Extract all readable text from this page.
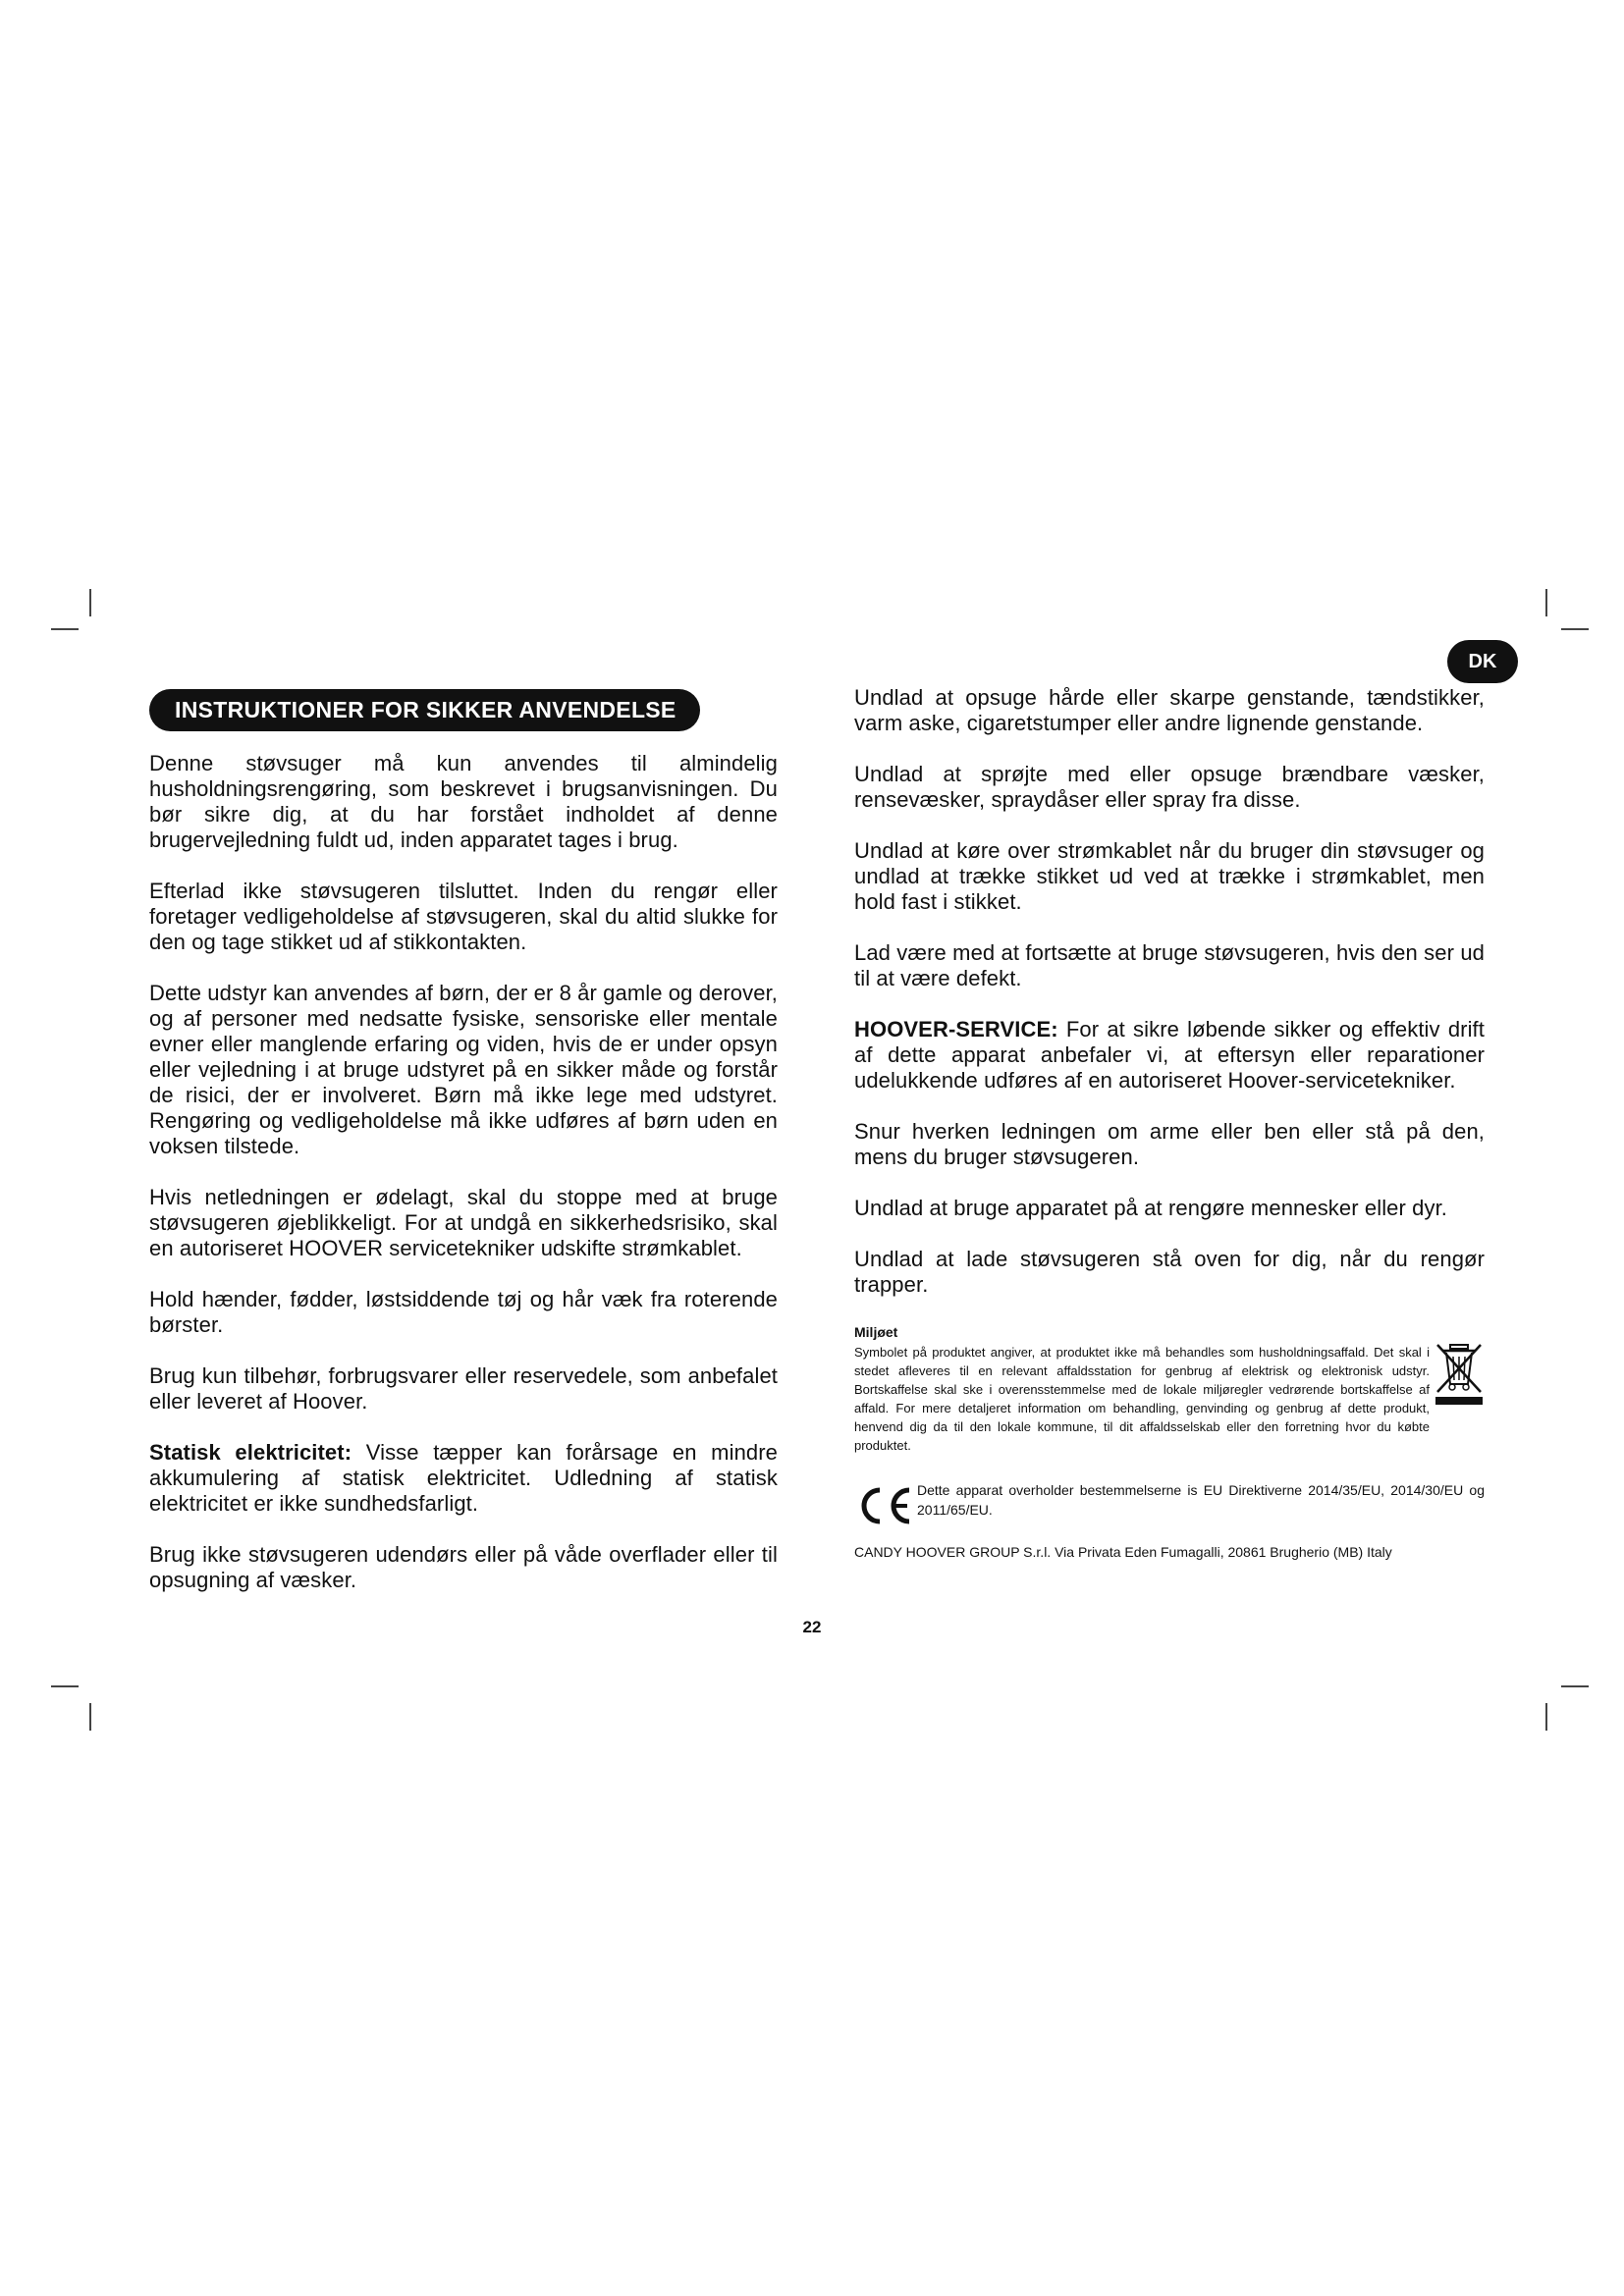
DK
INSTRUKTIONER FOR SIKKER ANVENDELSE

Denne støvsuger må kun anvendes til almindelig husholdningsrengøring, som beskrevet i brugsanvisningen. Du bør sikre dig, at du har forstået indholdet af denne brugervejledning fuldt ud, inden apparatet tages i brug.

Efterlad ikke støvsugeren tilsluttet. Inden du rengør eller foretager vedligeholdelse af støvsugeren, skal du altid slukke for den og tage stikket ud af stikkontakten.

Dette udstyr kan anvendes af børn, der er 8 år gamle og derover, og af personer med nedsatte fysiske, sensoriske eller mentale evner eller manglende erfaring og viden, hvis de er under opsyn eller vejledning i at bruge udstyret på en sikker måde og forstår de risici, der er involveret. Børn må ikke lege med udstyret. Rengøring og vedligeholdelse må ikke udføres af børn uden en voksen tilstede.

Hvis netledningen er ødelagt, skal du stoppe med at bruge støvsugeren øjeblikkeligt. For at undgå en sikkerhedsrisiko, skal en autoriseret HOOVER servicetekniker udskifte strømkablet.

Hold hænder, fødder, løstsiddende tøj og hår væk fra roterende børster.

Brug kun tilbehør, forbrugsvarer eller reservedele, som anbefalet eller leveret af Hoover.

Statisk elektricitet: Visse tæpper kan forårsage en mindre akkumulering af statisk elektricitet. Udledning af statisk elektricitet er ikke sundhedsfarligt.

Brug ikke støvsugeren udendørs eller på våde overflader eller til opsugning af væsker.

Undlad at opsuge hårde eller skarpe genstande, tændstikker, varm aske, cigaretstumper eller andre lignende genstande.

Undlad at sprøjte med eller opsuge brændbare væsker, rensevæsker, spraydåser eller spray fra disse.

Undlad at køre over strømkablet når du bruger din støvsuger og undlad at trække stikket ud ved at trække i strømkablet, men hold fast i stikket.

Lad være med at fortsætte at bruge støvsugeren, hvis den ser ud til at være defekt.

HOOVER-SERVICE: For at sikre løbende sikker og effektiv drift af dette apparat anbefaler vi, at eftersyn eller reparationer udelukkende udføres af en autoriseret Hoover-servicetekniker.

Snur hverken ledningen om arme eller ben eller stå på den, mens du bruger støvsugeren.

Undlad at bruge apparatet på at rengøre mennesker eller dyr.

Undlad at lade støvsugeren stå oven for dig, når du rengør trapper.

Miljøet

Symbolet på produktet angiver, at produktet ikke må behandles som husholdningsaffald. Det skal i stedet afleveres til en relevant affaldsstation for genbrug af elektrisk og elektronisk udstyr. Bortskaffelse skal ske i overensstemmelse med de lokale miljøregler vedrørende bortskaffelse af affald. For mere detaljeret information om behandling, genvinding og genbrug af dette produkt, henvend dig da til den lokale kommune, til dit affaldsselskab eller den forretning hvor du købte produktet.

Dette apparat overholder bestemmelserne is EU Direktiverne 2014/35/EU, 2014/30/EU og 2011/65/EU.

CANDY HOOVER GROUP S.r.l. Via Privata Eden Fumagalli, 20861 Brugherio (MB) Italy
22
